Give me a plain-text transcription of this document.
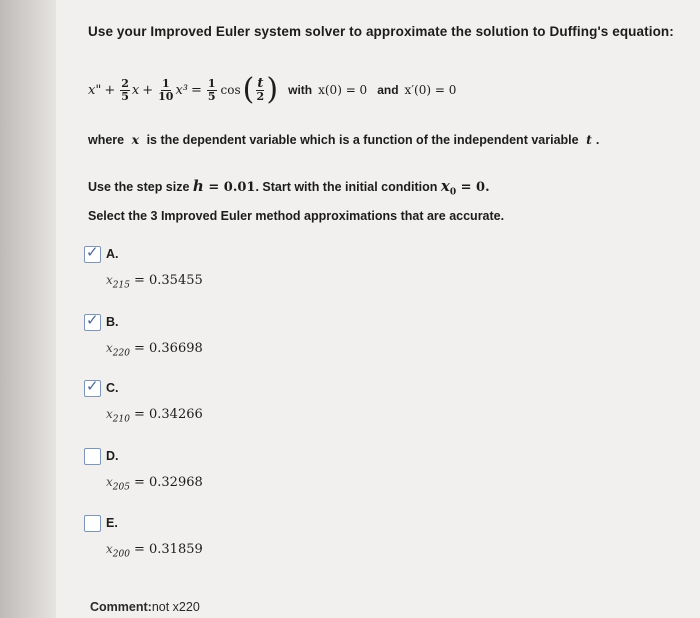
Use your Improved Euler system solver to approximate the solution to Duffing's equation:
x" + $\frac{2}{5}$ $x + \frac{1}{10} x^3 = \frac{1}{5}$ cos ( $\frac{t}{2}$ ) with x(0) = 0 and x′(0) = 0
where x is the dependent variable which is a function of the independent variable t .
Use the step size h = 0.01. Start with the initial condition $x_0 = 0$.
Select the 3 Improved Euler method approximations that are accurate.
✓ A.
$x_{215} = 0.35455$
✓ B.
$x_{220} = 0.36698$
✓ C.
$x_{210} = 0.34266$
D.
$x_{205} = 0.32968$
E.
$x_{200} = 0.31859$
Comment:not x220
